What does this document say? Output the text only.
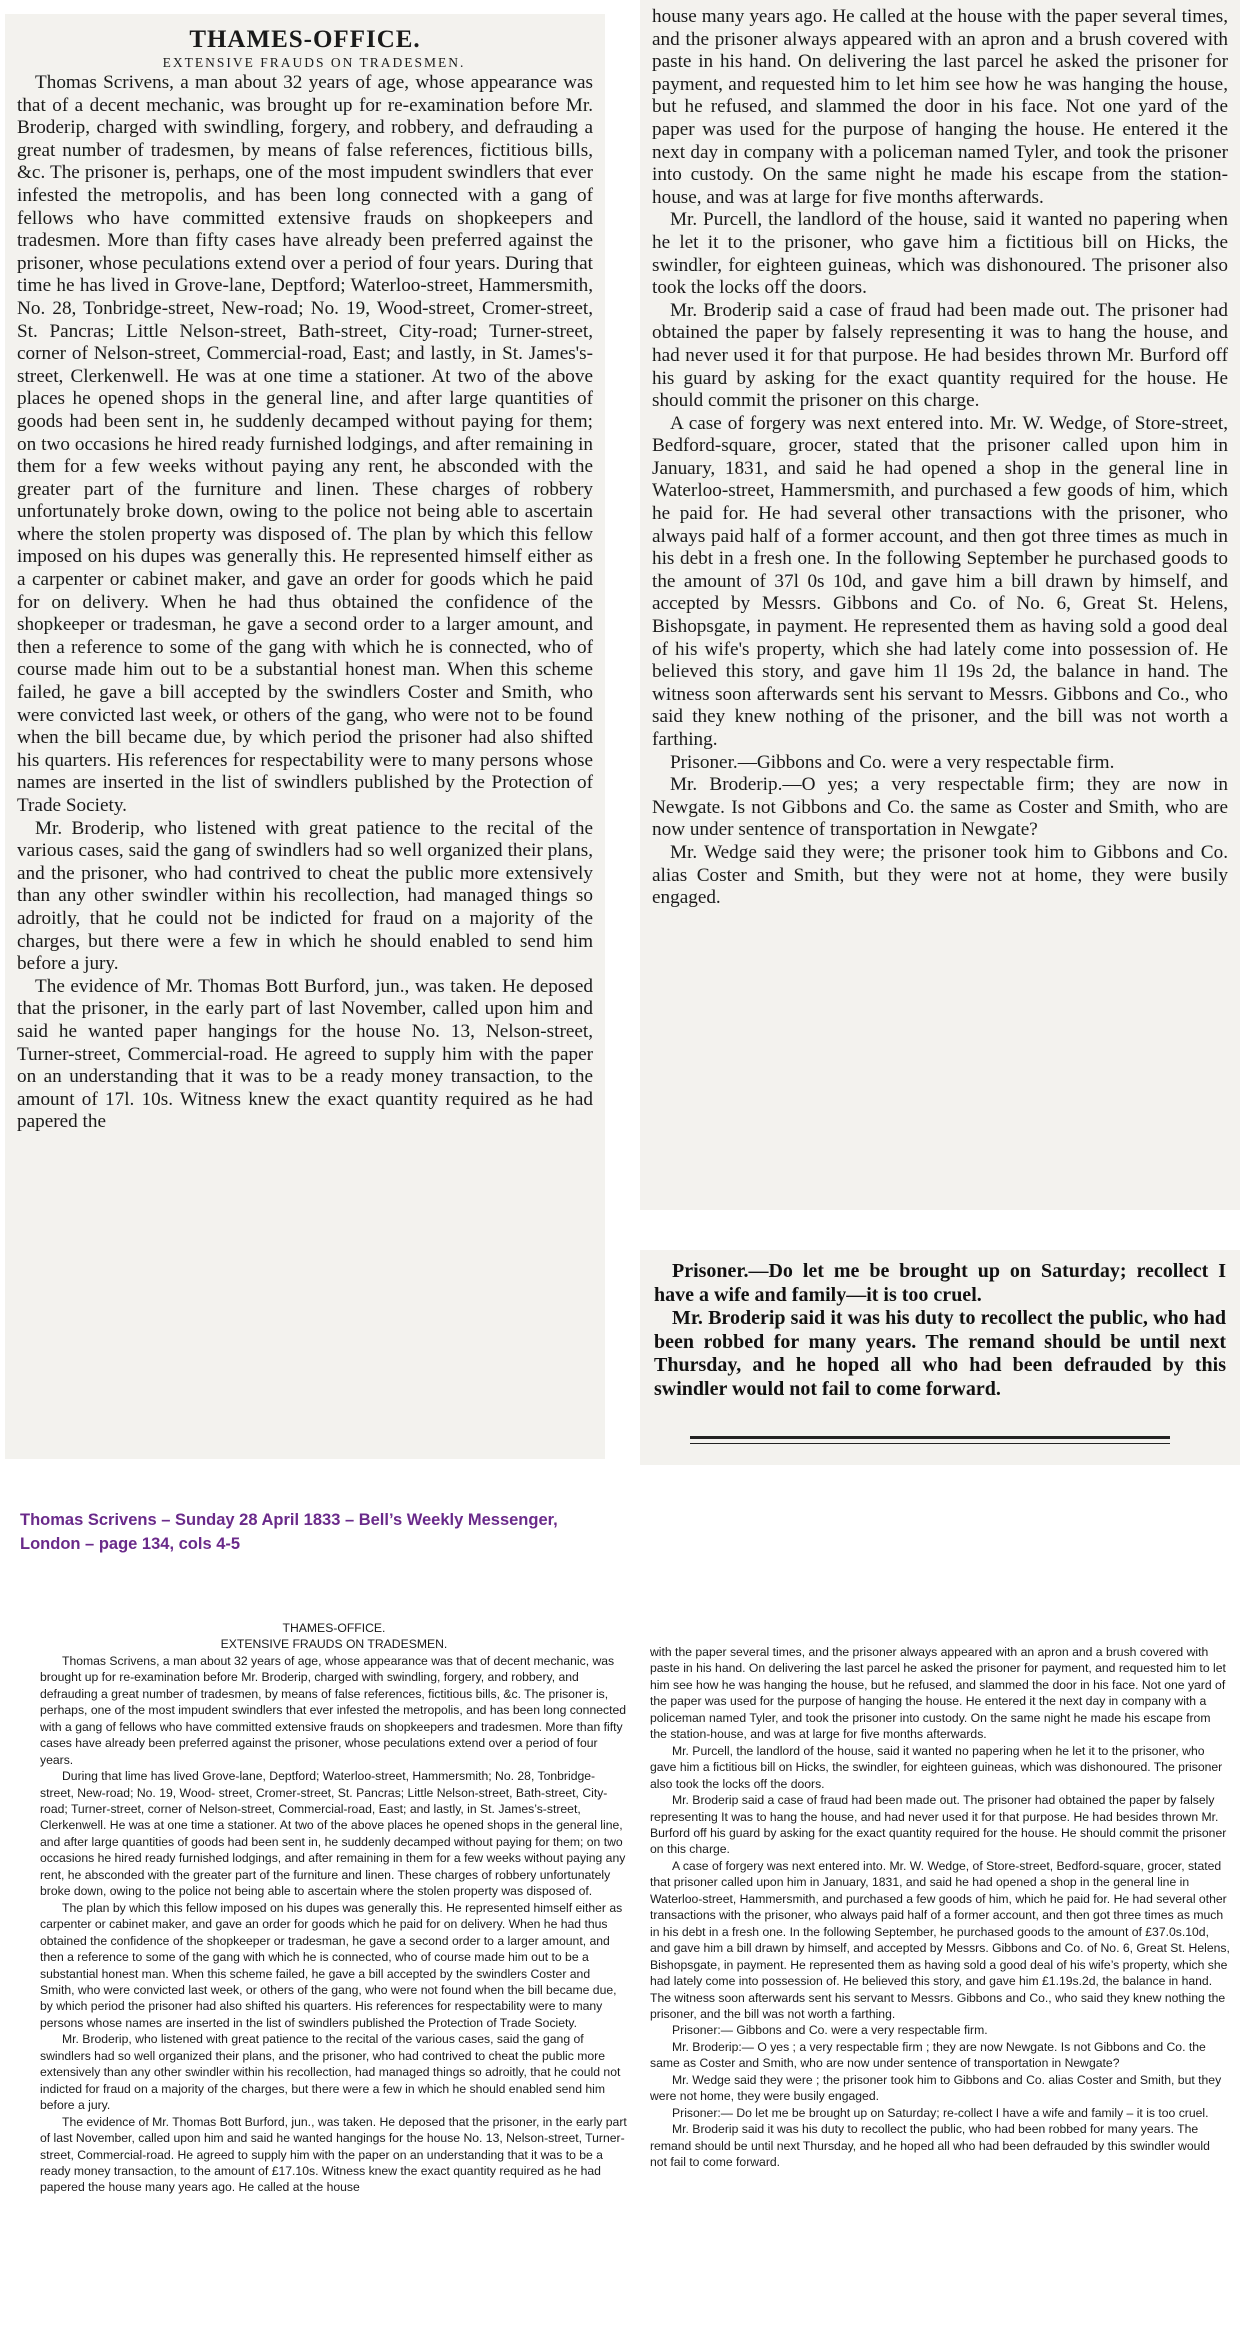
THAMES-OFFICE.

EXTENSIVE FRAUDS ON TRADESMEN.

Thomas Scrivens, a man about 32 years of age, whose appearance was that of a decent mechanic, was brought up for re-examination before Mr. Broderip, charged with swindling, forgery, and robbery, and defrauding a great number of tradesmen, by means of false references, fictitious bills, &c. The prisoner is, perhaps, one of the most impudent swindlers that ever infested the metropolis, and has been long connected with a gang of fellows who have committed extensive frauds on shopkeepers and tradesmen. More than fifty cases have already been preferred against the prisoner, whose peculations extend over a period of four years. During that time he has lived in Grove-lane, Deptford; Waterloo-street, Hammersmith, No. 28, Tonbridge-street, New-road; No. 19, Wood-street, Cromer-street, St. Pancras; Little Nelson-street, Bath-street, City-road; Turner-street, corner of Nelson-street, Commercial-road, East; and lastly, in St. James's-street, Clerkenwell. He was at one time a stationer. At two of the above places he opened shops in the general line, and after large quantities of goods had been sent in, he suddenly decamped without paying for them; on two occasions he hired ready furnished lodgings, and after remaining in them for a few weeks without paying any rent, he absconded with the greater part of the furniture and linen. These charges of robbery unfortunately broke down, owing to the police not being able to ascertain where the stolen property was disposed of. The plan by which this fellow imposed on his dupes was generally this. He represented himself either as a carpenter or cabinet maker, and gave an order for goods which he paid for on delivery. When he had thus obtained the confidence of the shopkeeper or tradesman, he gave a second order to a larger amount, and then a reference to some of the gang with which he is connected, who of course made him out to be a substantial honest man. When this scheme failed, he gave a bill accepted by the swindlers Coster and Smith, who were convicted last week, or others of the gang, who were not to be found when the bill became due, by which period the prisoner had also shifted his quarters. His references for respectability were to many persons whose names are inserted in the list of swindlers published by the Protection of Trade Society.

Mr. Broderip, who listened with great patience to the recital of the various cases, said the gang of swindlers had so well organized their plans, and the prisoner, who had contrived to cheat the public more extensively than any other swindler within his recollection, had managed things so adroitly, that he could not be indicted for fraud on a majority of the charges, but there were a few in which he should enabled to send him before a jury.

The evidence of Mr. Thomas Bott Burford, jun., was taken. He deposed that the prisoner, in the early part of last November, called upon him and said he wanted paper hangings for the house No. 13, Nelson-street, Turner-street, Commercial-road. He agreed to supply him with the paper on an understanding that it was to be a ready money transaction, to the amount of 17l. 10s. Witness knew the exact quantity required as he had papered the

house many years ago. He called at the house with the paper several times, and the prisoner always appeared with an apron and a brush covered with paste in his hand. On delivering the last parcel he asked the prisoner for payment, and requested him to let him see how he was hanging the house, but he refused, and slammed the door in his face. Not one yard of the paper was used for the purpose of hanging the house. He entered it the next day in company with a policeman named Tyler, and took the prisoner into custody. On the same night he made his escape from the station-house, and was at large for five months afterwards.

Mr. Purcell, the landlord of the house, said it wanted no papering when he let it to the prisoner, who gave him a fictitious bill on Hicks, the swindler, for eighteen guineas, which was dishonoured. The prisoner also took the locks off the doors.

Mr. Broderip said a case of fraud had been made out. The prisoner had obtained the paper by falsely representing it was to hang the house, and had never used it for that purpose. He had besides thrown Mr. Burford off his guard by asking for the exact quantity required for the house. He should commit the prisoner on this charge.

A case of forgery was next entered into. Mr. W. Wedge, of Store-street, Bedford-square, grocer, stated that the prisoner called upon him in January, 1831, and said he had opened a shop in the general line in Waterloo-street, Hammersmith, and purchased a few goods of him, which he paid for. He had several other transactions with the prisoner, who always paid half of a former account, and then got three times as much in his debt in a fresh one. In the following September he purchased goods to the amount of 37l 0s 10d, and gave him a bill drawn by himself, and accepted by Messrs. Gibbons and Co. of No. 6, Great St. Helens, Bishopsgate, in payment. He represented them as having sold a good deal of his wife's property, which she had lately come into possession of. He believed this story, and gave him 1l 19s 2d, the balance in hand. The witness soon afterwards sent his servant to Messrs. Gibbons and Co., who said they knew nothing of the prisoner, and the bill was not worth a farthing.

Prisoner.—Gibbons and Co. were a very respectable firm.

Mr. Broderip.—O yes; a very respectable firm; they are now in Newgate. Is not Gibbons and Co. the same as Coster and Smith, who are now under sentence of transportation in Newgate?

Mr. Wedge said they were; the prisoner took him to Gibbons and Co. alias Coster and Smith, but they were not at home, they were busily engaged.

Prisoner.—Do let me be brought up on Saturday; recollect I have a wife and family—it is too cruel.

Mr. Broderip said it was his duty to recollect the public, who had been robbed for many years. The remand should be until next Thursday, and he hoped all who had been defrauded by this swindler would not fail to come forward.

Thomas Scrivens – Sunday 28 April 1833 – Bell’s Weekly Messenger, London – page 134, cols 4-5

THAMES-OFFICE.

EXTENSIVE FRAUDS ON TRADESMEN.

Thomas Scrivens, a man about 32 years of age, whose appearance was that of decent mechanic, was brought up for re-examination before Mr. Broderip, charged with swindling, forgery, and robbery, and defrauding a great number of tradesmen, by means of false references, fictitious bills, &c. The prisoner is, perhaps, one of the most impudent swindlers that ever infested the metropolis, and has been long connected with a gang of fellows who have committed extensive frauds on shopkeepers and tradesmen. More than fifty cases have already been preferred against the prisoner, whose peculations extend over a period of four years.

During that lime has lived Grove-lane, Deptford; Waterloo-street, Hammersmith; No. 28, Tonbridge-street, New-road; No. 19, Wood- street, Cromer-street, St. Pancras; Little Nelson-street, Bath-street, City-road; Turner-street, corner of Nelson-street, Commercial-road, East; and lastly, in St. James’s-street, Clerkenwell. He was at one time a stationer. At two of the above places he opened shops in the general line, and after large quantities of goods had been sent in, he suddenly decamped without paying for them; on two occasions he hired ready furnished lodgings, and after remaining in them for a few weeks without paying any rent, he absconded with the greater part of the furniture and linen. These charges of robbery unfortunately broke down, owing to the police not being able to ascertain where the stolen property was disposed of.

The plan by which this fellow imposed on his dupes was generally this. He represented himself either as carpenter or cabinet maker, and gave an order for goods which he paid for on delivery. When he had thus obtained the confidence of the shopkeeper or tradesman, he gave a second order to a larger amount, and then a reference to some of the gang with which he is connected, who of course made him out to be a substantial honest man. When this scheme failed, he gave a bill accepted by the swindlers Coster and Smith, who were convicted last week, or others of the gang, who were not found when the bill became due, by which period the prisoner had also shifted his quarters. His references for respectability were to many persons whose names are inserted in the list of swindlers published the Protection of Trade Society.

Mr. Broderip, who listened with great patience to the recital of the various cases, said the gang of swindlers had so well organized their plans, and the prisoner, who had contrived to cheat the public more extensively than any other swindler within his recollection, had managed things so adroitly, that he could not indicted for fraud on a majority of the charges, but there were a few in which he should enabled send him before a jury.

The evidence of Mr. Thomas Bott Burford, jun., was taken. He deposed that the prisoner, in the early part of last November, called upon him and said he wanted hangings for the house No. 13, Nelson-street, Turner-street, Commercial-road. He agreed to supply him with the paper on an understanding that it was to be a ready money transaction, to the amount of £17.10s. Witness knew the exact quantity required as he had papered the house many years ago. He called at the house

with the paper several times, and the prisoner always appeared with an apron and a brush covered with paste in his hand. On delivering the last parcel he asked the prisoner for payment, and requested him to let him see how he was hanging the house, but he refused, and slammed the door in his face. Not one yard of the paper was used for the purpose of hanging the house. He entered it the next day in company with a policeman named Tyler, and took the prisoner into custody. On the same night he made his escape from the station-house, and was at large for five months afterwards.

Mr. Purcell, the landlord of the house, said it wanted no papering when he let it to the prisoner, who gave him a fictitious bill on Hicks, the swindler, for eighteen guineas, which was dishonoured. The prisoner also took the locks off the doors.

Mr. Broderip said a case of fraud had been made out. The prisoner had obtained the paper by falsely representing It was to hang the house, and had never used it for that purpose. He had besides thrown Mr. Burford off his guard by asking for the exact quantity required for the house. He should commit the prisoner on this charge.

A case of forgery was next entered into. Mr. W. Wedge, of Store-street, Bedford-square, grocer, stated that prisoner called upon him in January, 1831, and said he had opened a shop in the general line in Waterloo-street, Hammersmith, and purchased a few goods of him, which he paid for. He had several other transactions with the prisoner, who always paid half of a former account, and then got three times as much in his debt in a fresh one. In the following September, he purchased goods to the amount of £37.0s.10d, and gave him a bill drawn by himself, and accepted by Messrs. Gibbons and Co. of No. 6, Great St. Helens, Bishopsgate, in payment. He represented them as having sold a good deal of his wife’s property, which she had lately come into possession of. He believed this story, and gave him £1.19s.2d, the balance in hand. The witness soon afterwards sent his servant to Messrs. Gibbons and Co., who said they knew nothing the prisoner, and the bill was not worth a farthing.

Prisoner:— Gibbons and Co. were a very respectable firm.

Mr. Broderip:— O yes ; a very respectable firm ; they are now Newgate. Is not Gibbons and Co. the same as Coster and Smith, who are now under sentence of transportation in Newgate?

Mr. Wedge said they were ; the prisoner took him to Gibbons and Co. alias Coster and Smith, but they were not home, they were busily engaged.

Prisoner:— Do let me be brought up on Saturday; re-collect I have a wife and family – it is too cruel.

Mr. Broderip said it was his duty to recollect the public, who had been robbed for many years. The remand should be until next Thursday, and he hoped all who had been defrauded by this swindler would not fail to come forward.
